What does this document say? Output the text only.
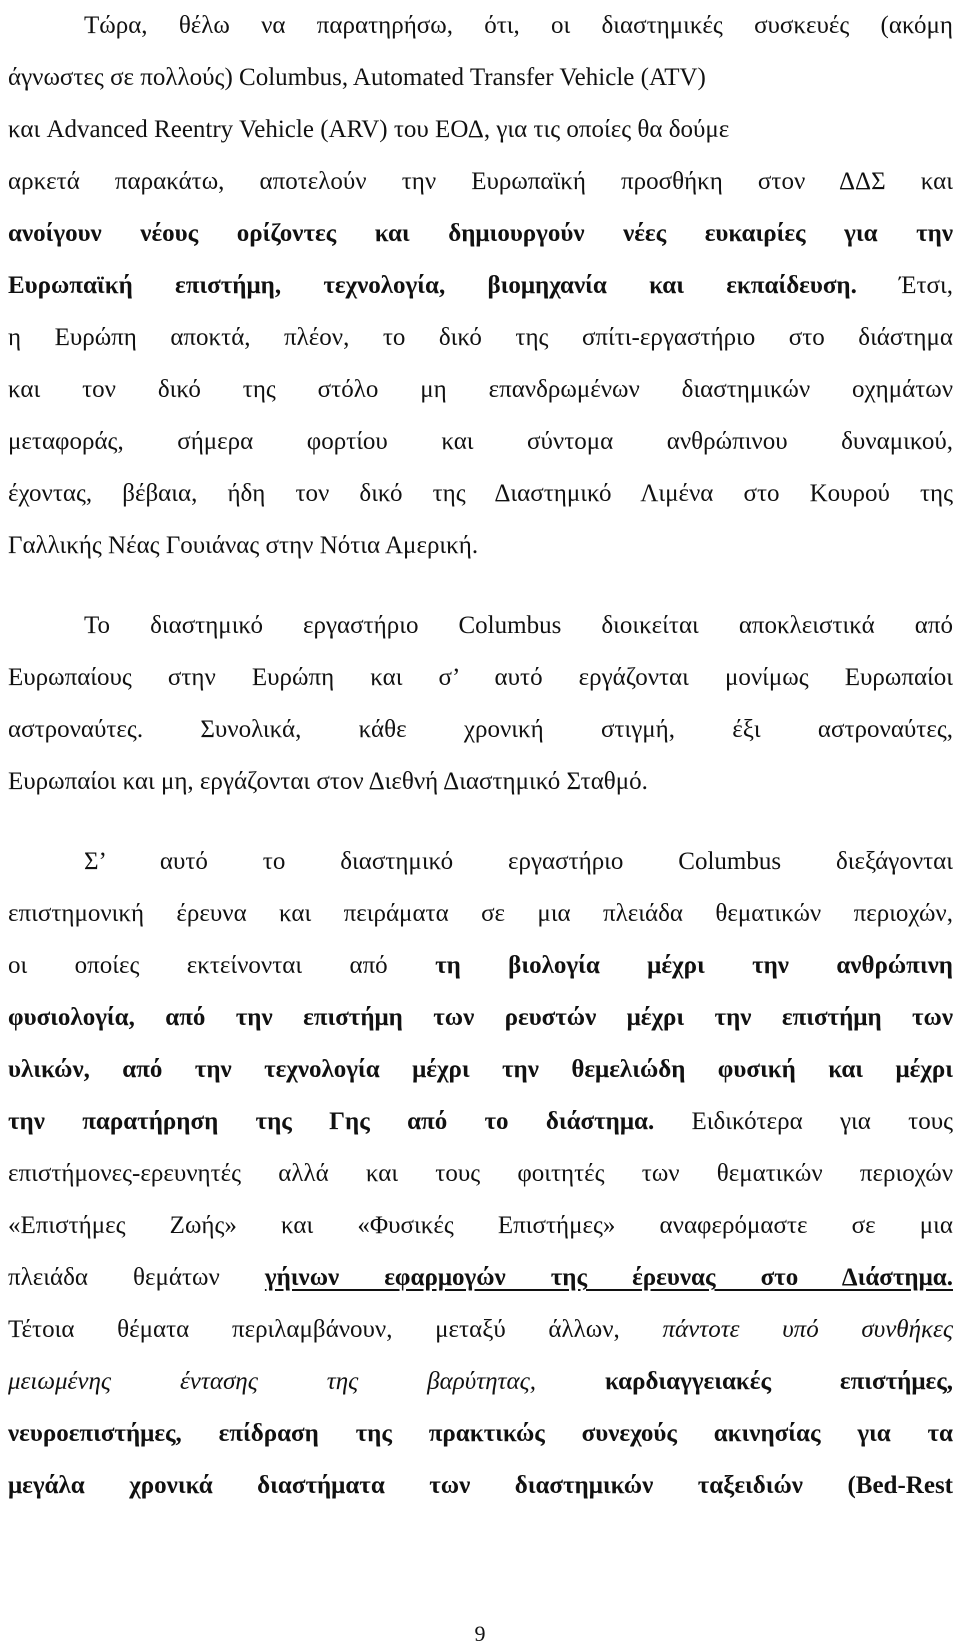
Τώρα, θέλω να παρατηρήσω, ότι, οι διαστημικές συσκευές (ακόμη
άγνωστες σε πολλούς) Columbus, Automated Transfer Vehicle (ATV)
και Advanced Reentry Vehicle (ARV) του ΕΟΔ, για τις οποίες θα δούμε
αρκετά παρακάτω, αποτελούν την Ευρωπαϊκή προσθήκη στον ΔΔΣ και
ανοίγουν νέους ορίζοντες και δημιουργούν νέες ευκαιρίες για την
Ευρωπαϊκή επιστήμη, τεχνολογία, βιομηχανία και εκπαίδευση. Έτσι,
η Ευρώπη αποκτά, πλέον, το δικό της σπίτι-εργαστήριο στο διάστημα
και τον δικό της στόλο μη επανδρωμένων διαστημικών οχημάτων
μεταφοράς, σήμερα φορτίου και σύντομα ανθρώπινου δυναμικού,
έχοντας, βέβαια, ήδη τον δικό της Διαστημικό Λιμένα στο Κουρού της
Γαλλικής Νέας Γουιάνας στην Νότια Αμερική.
Το διαστημικό εργαστήριο Columbus διοικείται αποκλειστικά από
Ευρωπαίους στην Ευρώπη και σ’ αυτό εργάζονται μονίμως Ευρωπαίοι
αστροναύτες. Συνολικά, κάθε χρονική στιγμή, έξι αστροναύτες,
Ευρωπαίοι και μη, εργάζονται στον Διεθνή Διαστημικό Σταθμό.
Σ’ αυτό το διαστημικό εργαστήριο Columbus διεξάγονται
επιστημονική έρευνα και πειράματα σε μια πλειάδα θεματικών περιοχών,
οι οποίες εκτείνονται από τη βιολογία μέχρι την ανθρώπινη
φυσιολογία, από την επιστήμη των ρευστών μέχρι την επιστήμη των
υλικών, από την τεχνολογία μέχρι την θεμελιώδη φυσική και μέχρι
την παρατήρηση της Γης από το διάστημα. Ειδικότερα για τους
επιστήμονες-ερευνητές αλλά και τους φοιτητές των θεματικών περιοχών
«Επιστήμες Ζωής» και «Φυσικές Επιστήμες» αναφερόμαστε σε μια
πλειάδα θεμάτων γήινων εφαρμογών της έρευνας στο Διάστημα.
Τέτοια θέματα περιλαμβάνουν, μεταξύ άλλων, πάντοτε υπό συνθήκες
μειωμένης έντασης της βαρύτητας,	καρδιαγγειακές επιστήμες,
νευροεπιστήμες, επίδραση της πρακτικώς συνεχούς ακινησίας για τα
μεγάλα χρονικά διαστήματα των διαστημικών ταξειδιών (Bed-Rest
9
